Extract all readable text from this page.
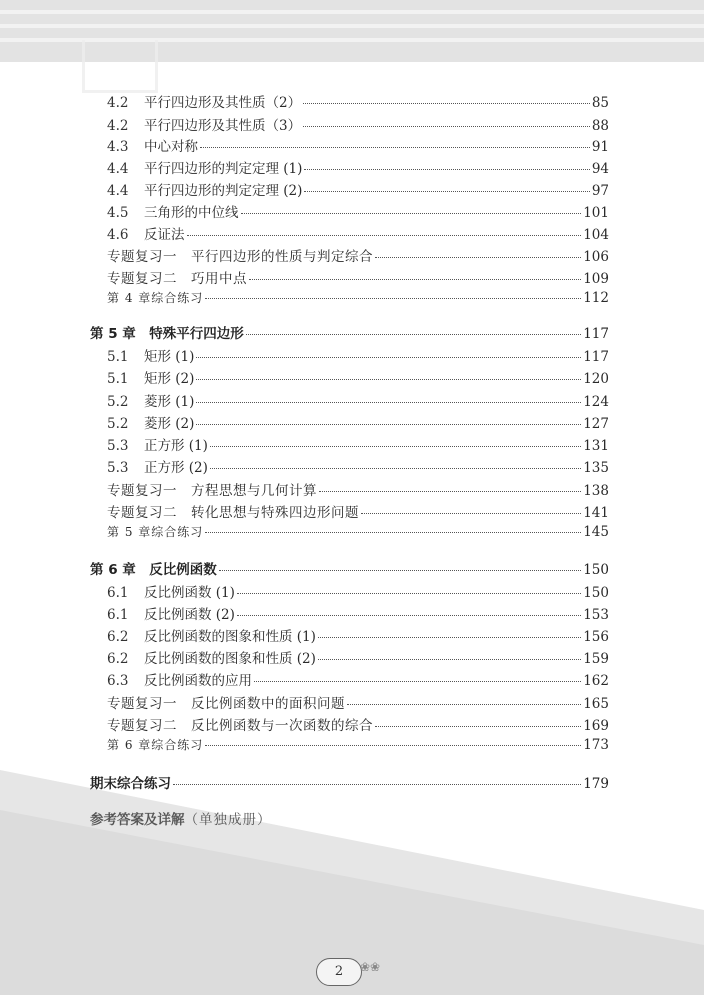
4.2	平行四边形及其性质（2）	85
4.2	平行四边形及其性质（3）	88
4.3	中心对称	91
4.4	平行四边形的判定定理 (1)	94
4.4	平行四边形的判定定理 (2)	97
4.5	三角形的中位线	101
4.6	反证法	104
专题复习一　平行四边形的性质与判定综合	106
专题复习二　巧用中点	109
第 4 章综合练习	112
第 5 章　特殊平行四边形	117
5.1	矩形 (1)	117
5.1	矩形 (2)	120
5.2	菱形 (1)	124
5.2	菱形 (2)	127
5.3	正方形 (1)	131
5.3	正方形 (2)	135
专题复习一　方程思想与几何计算	138
专题复习二　转化思想与特殊四边形问题	141
第 5 章综合练习	145
第 6 章　反比例函数	150
6.1	反比例函数 (1)	150
6.1	反比例函数 (2)	153
6.2	反比例函数的图象和性质 (1)	156
6.2	反比例函数的图象和性质 (2)	159
6.3	反比例函数的应用	162
专题复习一　反比例函数中的面积问题	165
专题复习二　反比例函数与一次函数的综合	169
第 6 章综合练习	173
期末综合练习	179
参考答案及详解（单独成册）
2	❀❀
